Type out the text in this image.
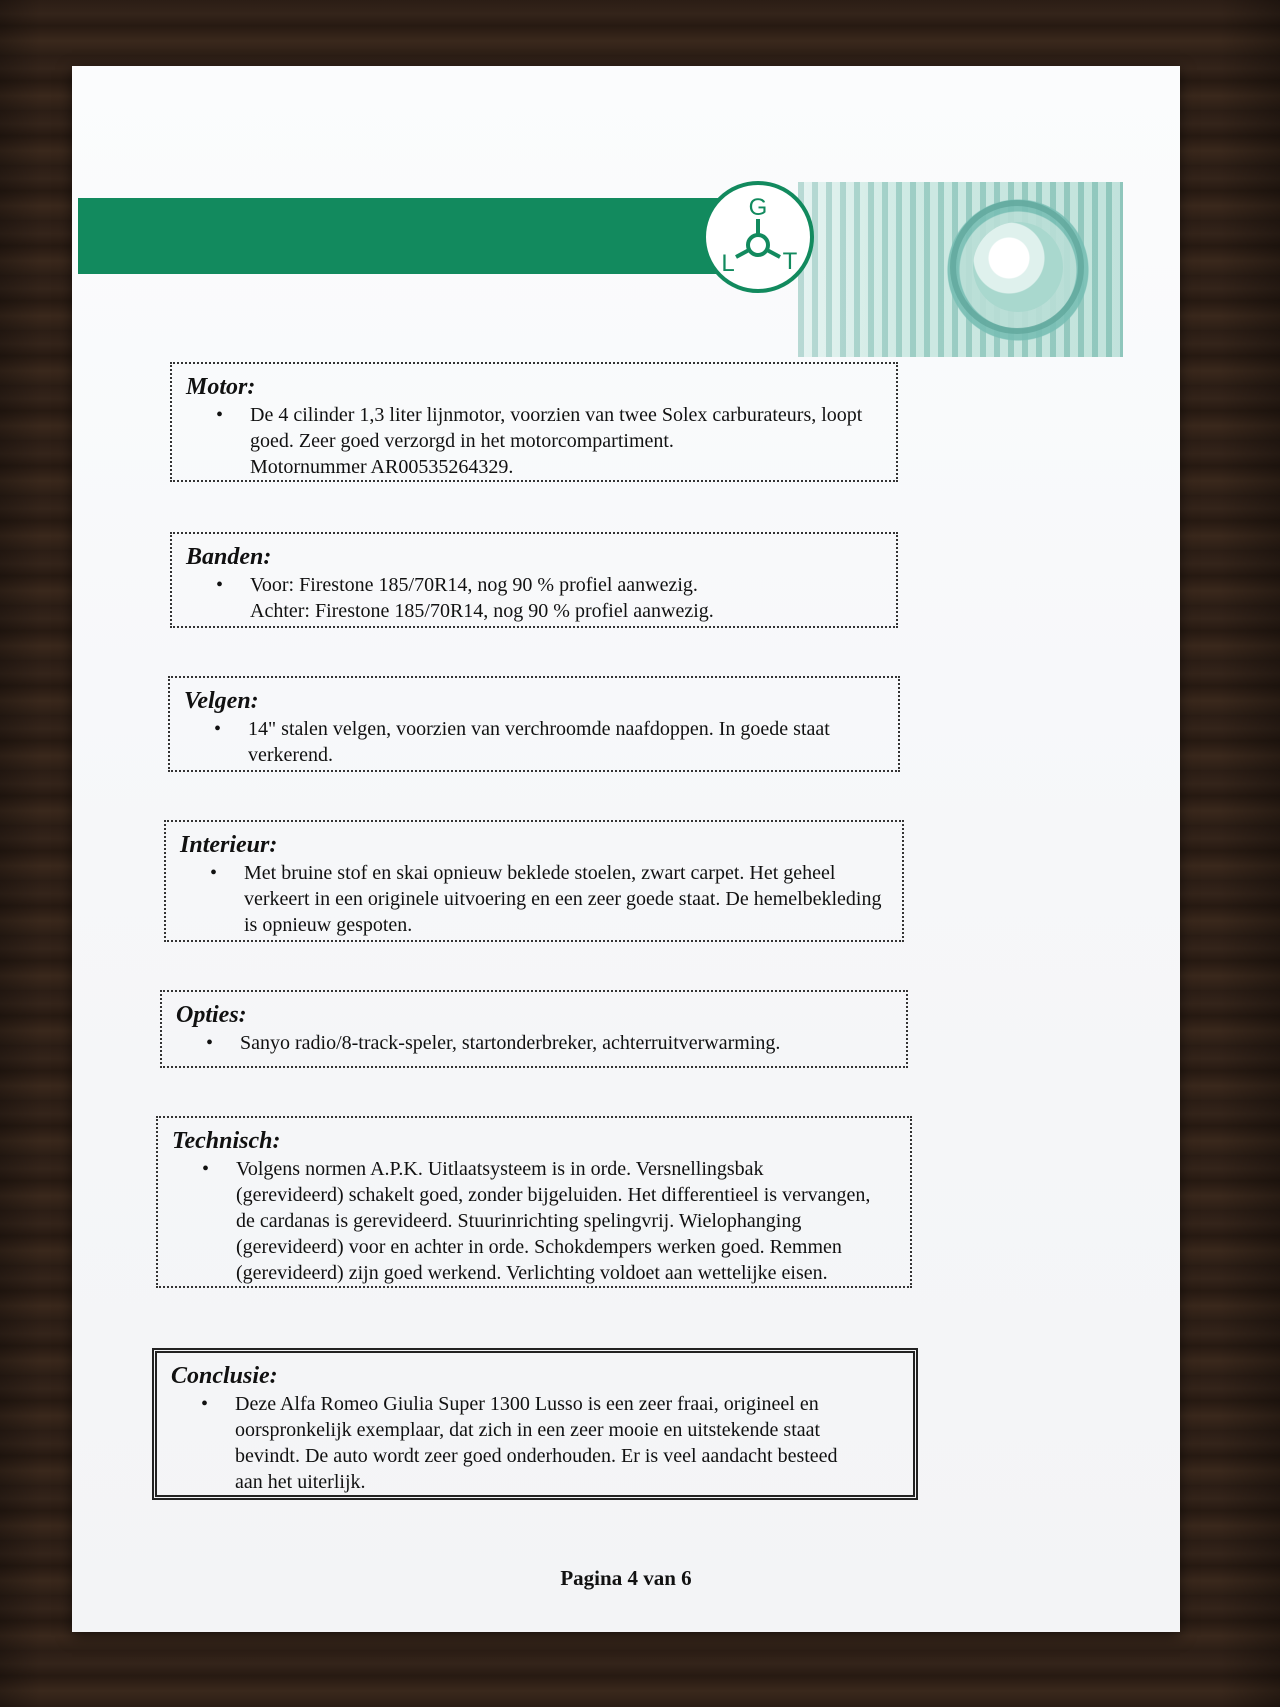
G
T
L
Motor:
• De 4 cilinder 1,3 liter lijnmotor, voorzien van twee Solex carburateurs, loopt
goed. Zeer goed verzorgd in het motorcompartiment.
Motornummer AR00535264329.
Banden:
• Voor: Firestone 185/70R14, nog 90 % profiel aanwezig.
Achter: Firestone 185/70R14, nog 90 % profiel aanwezig.
Velgen:
• 14" stalen velgen, voorzien van verchroomde naafdoppen. In goede staat
verkerend.
Interieur:
• Met bruine stof en skai opnieuw beklede stoelen, zwart carpet. Het geheel
verkeert in een originele uitvoering en een zeer goede staat. De hemelbekleding
is opnieuw gespoten.
Opties:
• Sanyo radio/8-track-speler, startonderbreker, achterruitverwarming.
Technisch:
• Volgens normen A.P.K. Uitlaatsysteem is in orde. Versnellingsbak
(gerevideerd) schakelt goed, zonder bijgeluiden. Het differentieel is vervangen,
de cardanas is gerevideerd. Stuurinrichting spelingvrij. Wielophanging
(gerevideerd) voor en achter in orde. Schokdempers werken goed. Remmen
(gerevideerd) zijn goed werkend. Verlichting voldoet aan wettelijke eisen.
Conclusie:
• Deze Alfa Romeo Giulia Super 1300 Lusso is een zeer fraai, origineel en
oorspronkelijk exemplaar, dat zich in een zeer mooie en uitstekende staat
bevindt. De auto wordt zeer goed onderhouden. Er is veel aandacht besteed
aan het uiterlijk.
Pagina 4 van 6
